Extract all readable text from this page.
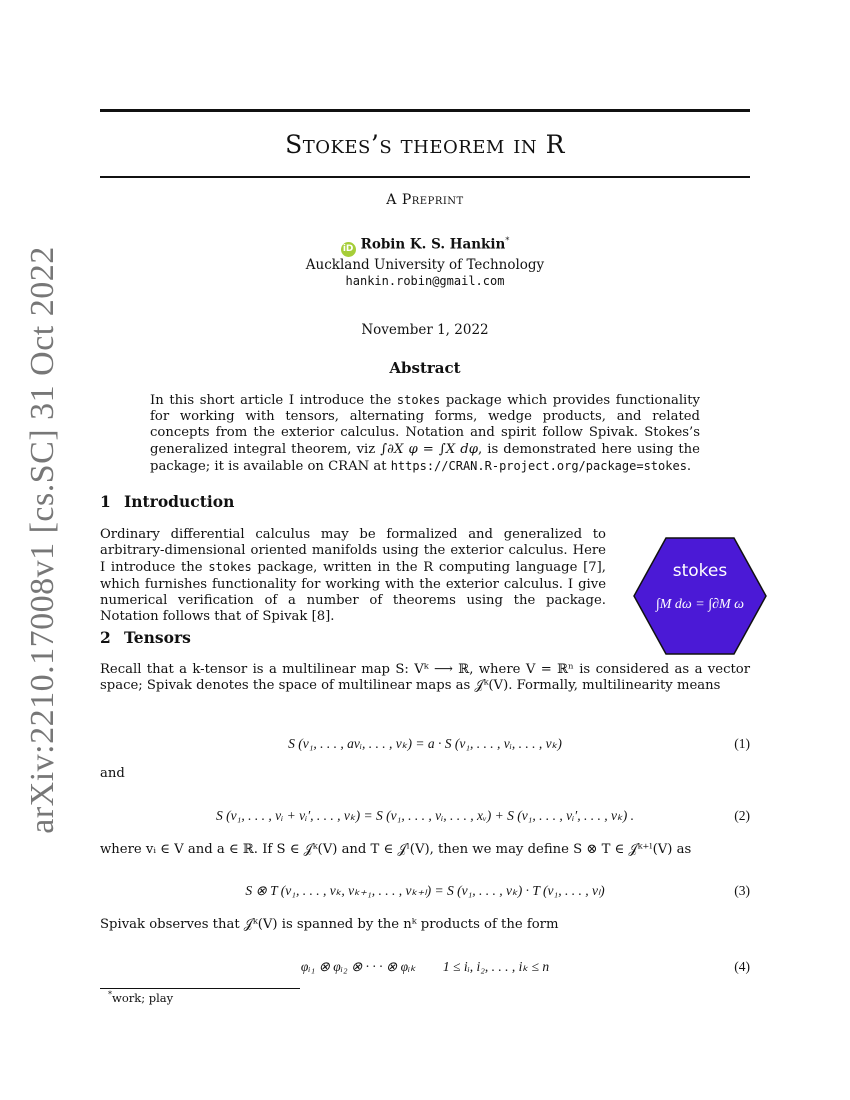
arXiv:2210.17008v1 [cs.SC] 31 Oct 2022
Stokes’s theorem in R
A Preprint
iD Robin K. S. Hankin*
Auckland University of Technology
hankin.robin@gmail.com
November 1, 2022
Abstract
In this short article I introduce the stokes package which provides functionality for working with tensors, alternating forms, wedge products, and related concepts from the exterior calculus. Notation and spirit follow Spivak. Stokes’s generalized integral theorem, viz ∫∂X φ = ∫X dφ, is demonstrated here using the package; it is available on CRAN at https://CRAN.R-project.org/package=stokes.
1 Introduction
Ordinary differential calculus may be formalized and generalized to arbitrary-dimensional oriented manifolds using the exterior calculus. Here I introduce the stokes package, written in the R computing language [7], which furnishes functionality for working with the exterior calculus. I give numerical verification of a number of theorems using the package. Notation follows that of Spivak [8].
stokes
∫M dω = ∫∂M ω
2 Tensors
Recall that a k-tensor is a multilinear map S: Vᵏ ⟶ ℝ, where V = ℝⁿ is considered as a vector space; Spivak denotes the space of multilinear maps as 𝒥ᵏ(V). Formally, multilinearity means
S (v₁, . . . , avᵢ, . . . , vₖ) = a · S (v₁, . . . , vᵢ, . . . , vₖ)	(1)
and
S (v₁, . . . , vᵢ + vᵢ′, . . . , vₖ) = S (v₁, . . . , vᵢ, . . . , xᵥ) + S (v₁, . . . , vᵢ′, . . . , vₖ) .	(2)
where vᵢ ∈ V and a ∈ ℝ. If S ∈ 𝒥ᵏ(V) and T ∈ 𝒥ˡ(V), then we may define S ⊗ T ∈ 𝒥ᵏ⁺ˡ(V) as
S ⊗ T (v₁, . . . , vₖ, vₖ₊₁, . . . , vₖ₊ₗ) = S (v₁, . . . , vₖ) · T (v₁, . . . , vₗ)	(3)
Spivak observes that 𝒥ᵏ(V) is spanned by the nᵏ products of the form
φᵢ₁ ⊗ φᵢ₂ ⊗ · · · ⊗ φᵢₖ        1 ≤ iᵢ, i₂, . . . , iₖ ≤ n	(4)
*work; play
